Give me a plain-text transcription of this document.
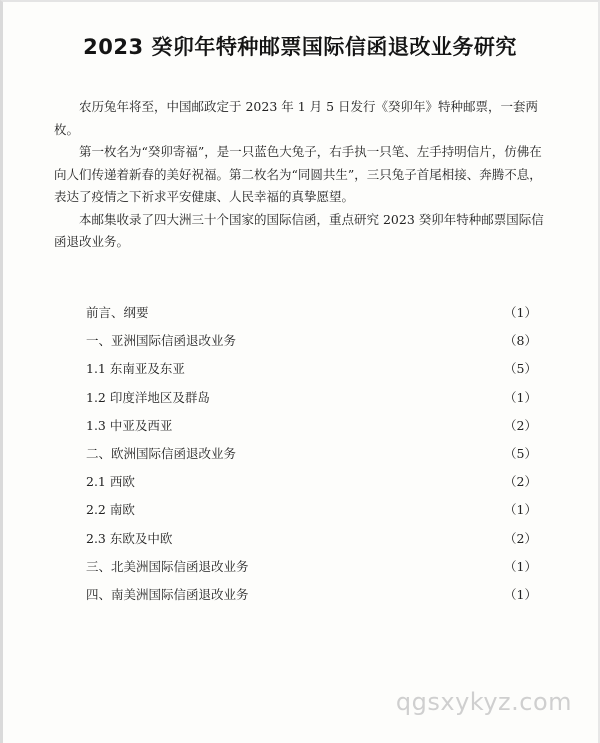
2023 癸卯年特种邮票国际信函退改业务研究

农历兔年将至，中国邮政定于 2023 年 1 月 5 日发行《癸卯年》特种邮票，一套两枚。

第一枚名为“癸卯寄福”，是一只蓝色大兔子，右手执一只笔、左手持明信片，仿佛在向人们传递着新春的美好祝福。第二枚名为“同圆共生”，三只兔子首尾相接、奔腾不息，表达了疫情之下祈求平安健康、人民幸福的真挚愿望。

本邮集收录了四大洲三十个国家的国际信函，重点研究 2023 癸卯年特种邮票国际信函退改业务。

前言、纲要	（1）
一、亚洲国际信函退改业务	（8）
1.1 东南亚及东亚	（5）
1.2 印度洋地区及群岛	（1）
1.3 中亚及西亚	（2）
二、欧洲国际信函退改业务	（5）
2.1 西欧	（2）
2.2 南欧	（1）
2.3 东欧及中欧	（2）
三、北美洲国际信函退改业务	（1）
四、南美洲国际信函退改业务	（1）
qgsxykyz.com
